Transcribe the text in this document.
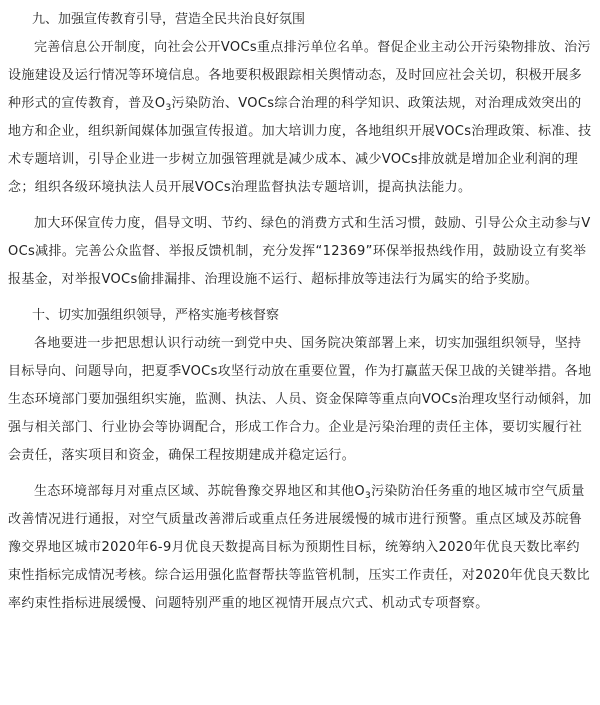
九、加强宣传教育引导，营造全民共治良好氛围

完善信息公开制度，向社会公开VOCs重点排污单位名单。督促企业主动公开污染物排放、治污设施建设及运行情况等环境信息。各地要积极跟踪相关舆情动态，及时回应社会关切，积极开展多种形式的宣传教育，普及$O_3$污染防治、VOCs综合治理的科学知识、政策法规，对治理成效突出的地方和企业，组织新闻媒体加强宣传报道。加大培训力度，各地组织开展VOCs治理政策、标准、技术专题培训，引导企业进一步树立加强管理就是减少成本、减少VOCs排放就是增加企业利润的理念；组织各级环境执法人员开展VOCs治理监督执法专题培训，提高执法能力。

加大环保宣传力度，倡导文明、节约、绿色的消费方式和生活习惯，鼓励、引导公众主动参与VOCs减排。完善公众监督、举报反馈机制，充分发挥“12369”环保举报热线作用，鼓励设立有奖举报基金，对举报VOCs偷排漏排、治理设施不运行、超标排放等违法行为属实的给予奖励。

十、切实加强组织领导，严格实施考核督察

各地要进一步把思想认识行动统一到党中央、国务院决策部署上来，切实加强组织领导，坚持目标导向、问题导向，把夏季VOCs攻坚行动放在重要位置，作为打赢蓝天保卫战的关键举措。各地生态环境部门要加强组织实施，监测、执法、人员、资金保障等重点向VOCs治理攻坚行动倾斜，加强与相关部门、行业协会等协调配合，形成工作合力。企业是污染治理的责任主体，要切实履行社会责任，落实项目和资金，确保工程按期建成并稳定运行。

生态环境部每月对重点区域、苏皖鲁豫交界地区和其他$O_3$污染防治任务重的地区城市空气质量改善情况进行通报，对空气质量改善滞后或重点任务进展缓慢的城市进行预警。重点区域及苏皖鲁豫交界地区城市2020年6-9月优良天数提高目标为预期性目标，统筹纳入2020年优良天数比率约束性指标完成情况考核。综合运用强化监督帮扶等监管机制，压实工作责任，对2020年优良天数比率约束性指标进展缓慢、问题特别严重的地区视情开展点穴式、机动式专项督察。
